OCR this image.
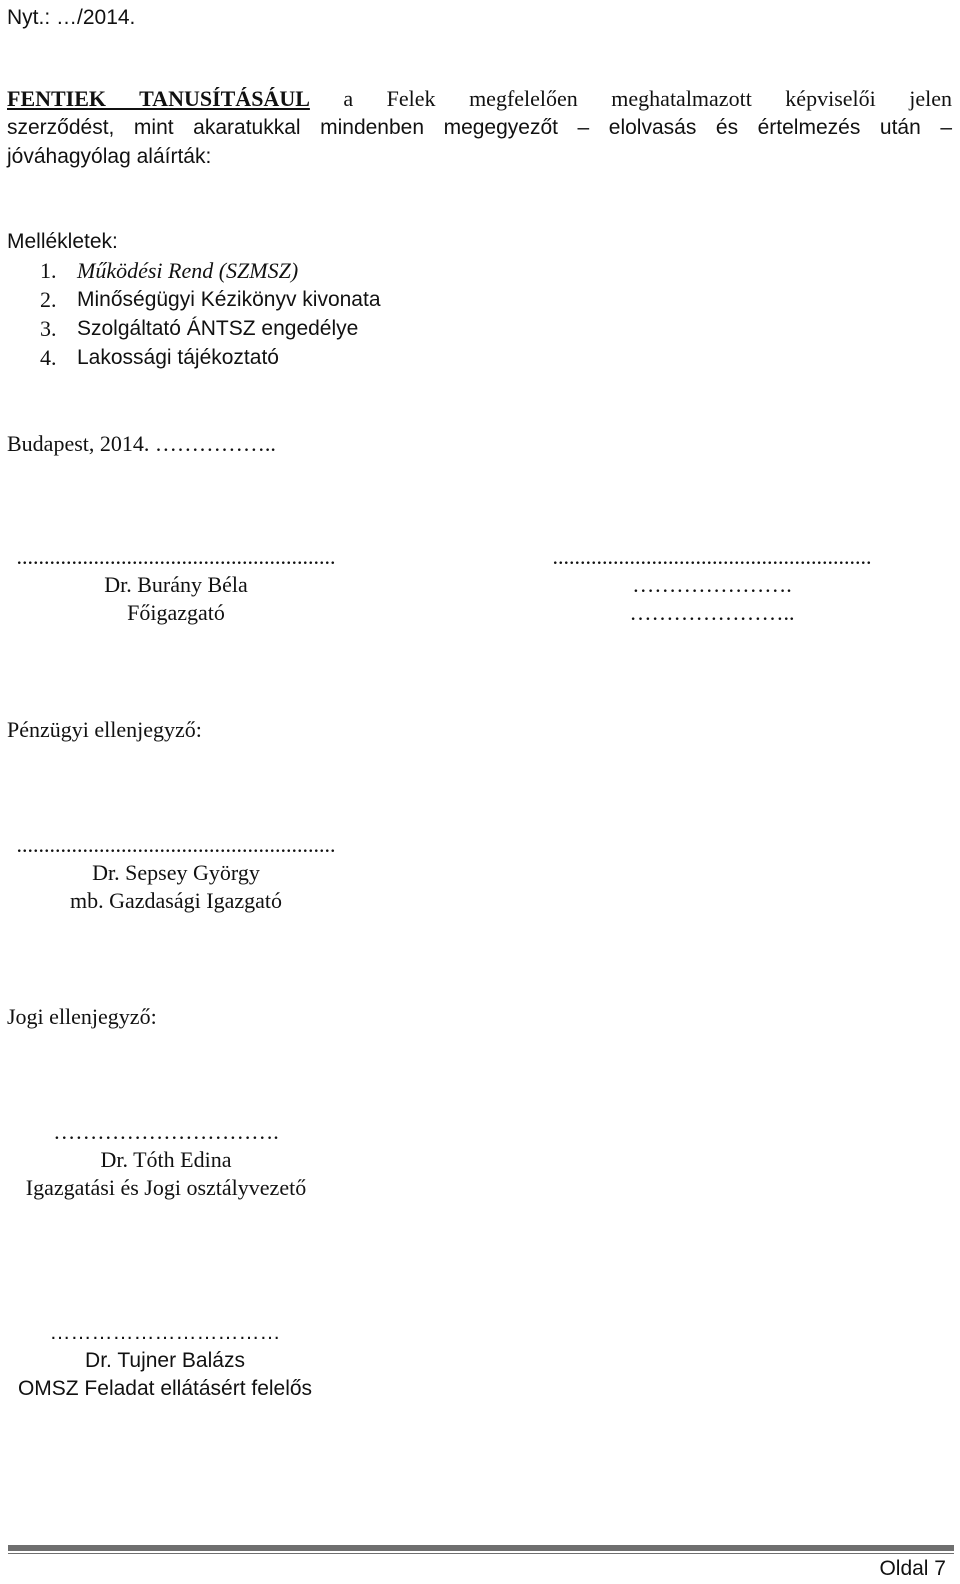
Nyt.: …/2014.
FENTIEK TANUSÍTÁSÁUL a Felek megfelelően meghatalmazott képviselői jelen
szerződést, mint akaratukkal mindenben megegyezőt – elolvasás és értelmezés után –
jóváhagyólag aláírták:
Mellékletek:
1. Működési Rend (SZMSZ)
2. Minőségügyi Kézikönyv kivonata
3. Szolgáltató ÁNTSZ engedélye
4. Lakossági tájékoztató
Budapest, 2014. ……………..
..........................................................
Dr. Burány Béla
Főigazgató
..........................................................
………………….
…………………..
Pénzügyi ellenjegyző:
..........................................................
Dr. Sepsey György
mb. Gazdasági Igazgató
Jogi ellenjegyző:
………………………….
Dr. Tóth Edina
Igazgatási és Jogi osztályvezető
……………………………
Dr. Tujner Balázs
OMSZ Feladat ellátásért felelős
Oldal 7
